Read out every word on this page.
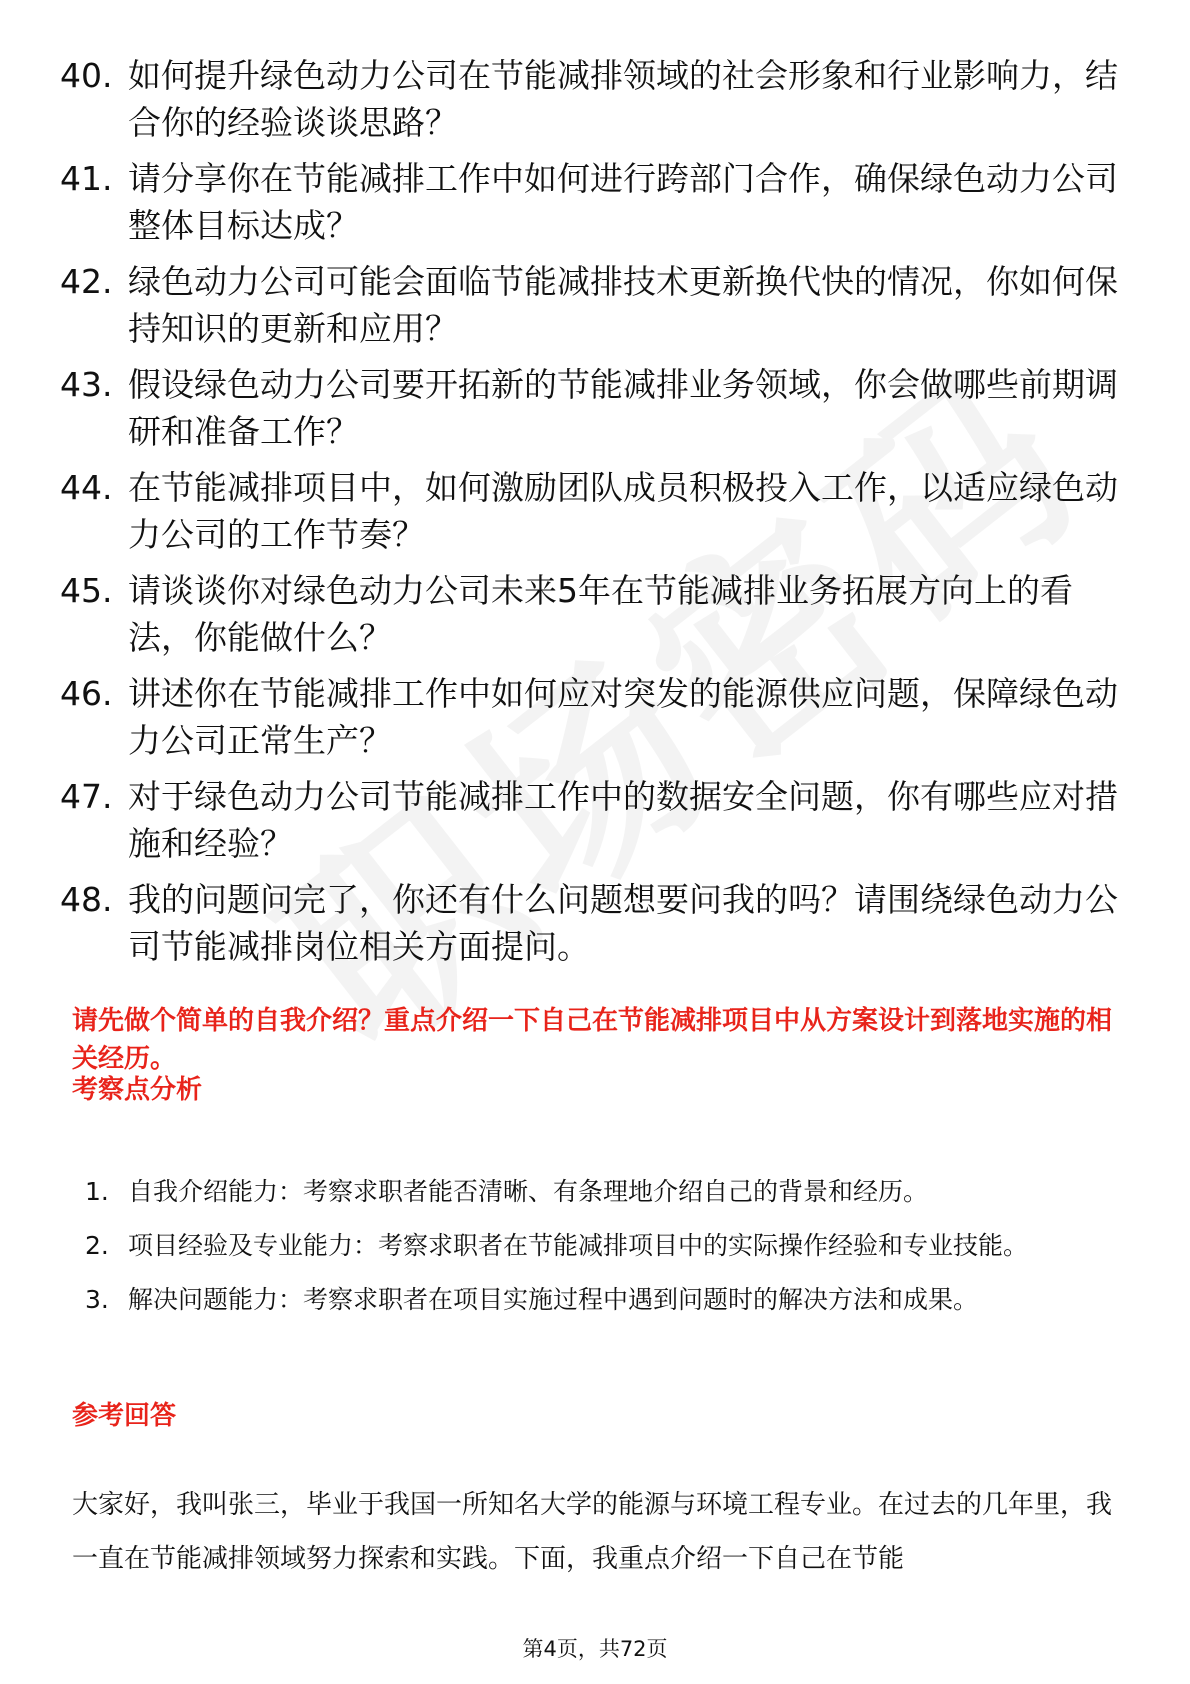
40. 如何提升绿色动力公司在节能减排领域的社会形象和行业影响力，结合你的经验谈谈思路？
41. 请分享你在节能减排工作中如何进行跨部门合作，确保绿色动力公司整体目标达成？
42. 绿色动力公司可能会面临节能减排技术更新换代快的情况，你如何保持知识的更新和应用？
43. 假设绿色动力公司要开拓新的节能减排业务领域，你会做哪些前期调研和准备工作？
44. 在节能减排项目中，如何激励团队成员积极投入工作，以适应绿色动力公司的工作节奏？
45. 请谈谈你对绿色动力公司未来5年在节能减排业务拓展方向上的看法，你能做什么？
46. 讲述你在节能减排工作中如何应对突发的能源供应问题，保障绿色动力公司正常生产？
47. 对于绿色动力公司节能减排工作中的数据安全问题，你有哪些应对措施和经验？
48. 我的问题问完了，你还有什么问题想要问我的吗？请围绕绿色动力公司节能减排岗位相关方面提问。

请先做个简单的自我介绍？重点介绍一下自己在节能减排项目中从方案设计到落地实施的相关经历。

考察点分析
1. 自我介绍能力：考察求职者能否清晰、有条理地介绍自己的背景和经历。
2. 项目经验及专业能力：考察求职者在节能减排项目中的实际操作经验和专业技能。
3. 解决问题能力：考察求职者在项目实施过程中遇到问题时的解决方法和成果。
参考回答

大家好，我叫张三，毕业于我国一所知名大学的能源与环境工程专业。在过去的几年里，我一直在节能减排领域努力探索和实践。下面，我重点介绍一下自己在节能

第4页，共72页
